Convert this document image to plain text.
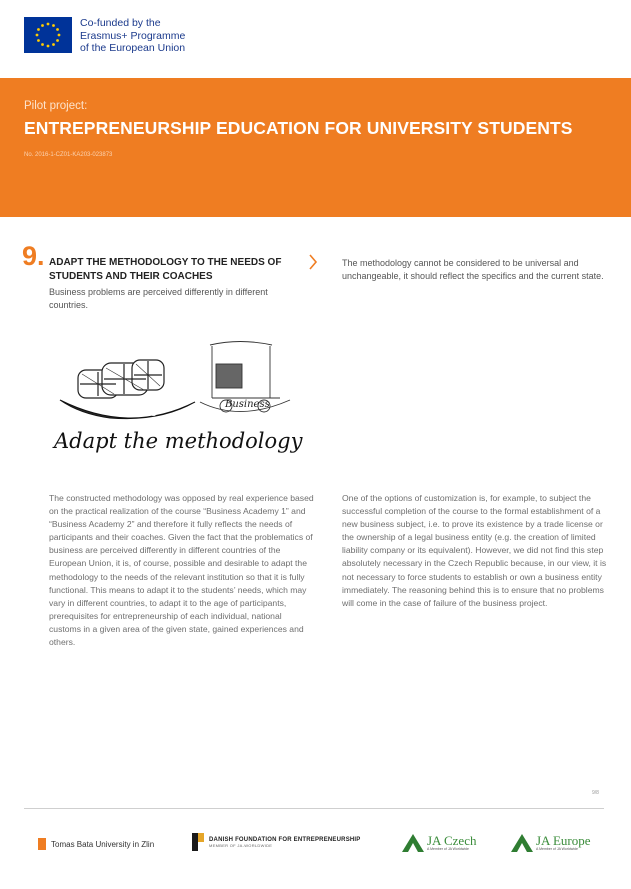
Co-funded by the
Erasmus+ Programme
of the European Union
Pilot project:
ENTREPRENEURSHIP EDUCATION FOR UNIVERSITY STUDENTS
No. 2016-1-CZ01-KA203-023873
9. ADAPT THE METHODOLOGY TO THE NEEDS OF STUDENTS AND THEIR COACHES
Business problems are perceived differently in different countries.
The methodology cannot be considered to be universal and unchangeable, it should reflect the specifics and the current state.
Business
Business
Adapt the methodology
The constructed methodology was opposed by real experience based on the practical realization of the course “Business Academy 1” and “Business Academy 2” and therefore it fully reflects the needs of participants and their coaches. Given the fact that the problematics of business are perceived differently in different countries of the European Union, it is, of course, possible and desirable to adapt the methodology to the needs of the relevant institution so that it is fully functional. This means to adapt it to the students’ needs, which may vary in different countries, to adapt it to the age of participants, prerequisites for entrepreneurship of each individual, national customs in a given area of the given state, gained experiences and others.
One of the options of customization is, for example, to subject the successful completion of the course to the formal establishment of a new business subject, i.e. to prove its existence by a trade license or the ownership of a legal business entity (e.g. the creation of limited liability company or its equivalent). However, we did not find this step absolutely necessary in the Czech Republic because, in our view, it is not necessary to force students to establish or own a business entity immediately. The reasoning behind this is to ensure that no problems will come in the case of failure of the business project.
9/8
Tomas Bata University in Zlin	DANISH FOUNDATION FOR ENTREPRENEURSHIP
MEMBER OF JA-WORLDWIDE	JA Czech
A Member of JA Worldwide
JA Europe
A Member of JA Worldwide
